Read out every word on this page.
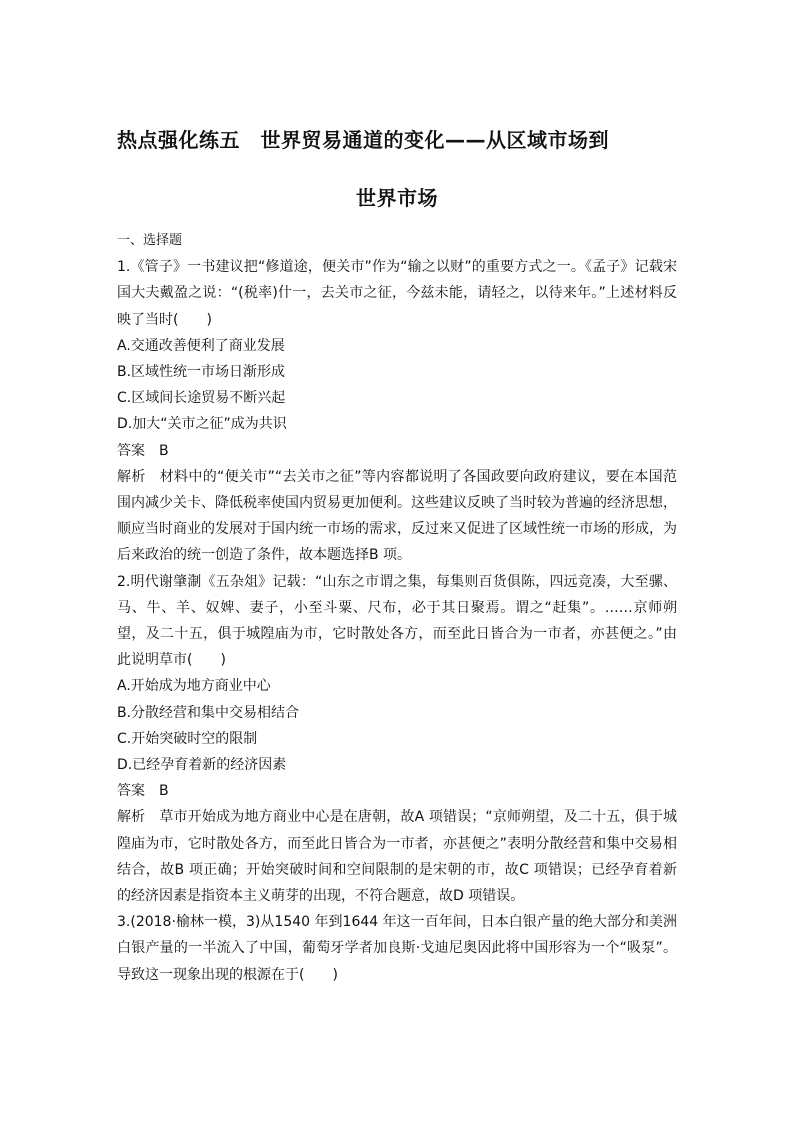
热点强化练五　世界贸易通道的变化——从区域市场到
世界市场

一、选择题

1.《管子》一书建议把“修道途，便关市”作为“输之以财”的重要方式之一。《孟子》记载宋国大夫戴盈之说：“(税率)什一，去关市之征，今兹未能，请轻之，以待来年。”上述材料反映了当时(　　)

A.交通改善便利了商业发展

B.区域性统一市场日渐形成

C.区域间长途贸易不断兴起

D.加大“关市之征”成为共识

答案 B

解析 材料中的“便关市”“去关市之征”等内容都说明了各国政要向政府建议，要在本国范围内减少关卡、降低税率使国内贸易更加便利。这些建议反映了当时较为普遍的经济思想，顺应当时商业的发展对于国内统一市场的需求，反过来又促进了区域性统一市场的形成，为后来政治的统一创造了条件，故本题选择B 项。

2.明代谢肇淛《五杂俎》记载：“山东之市谓之集，每集则百货俱陈，四远竞凑，大至骡、马、牛、羊、奴婢、妻子，小至斗粟、尺布，必于其日聚焉。谓之“赶集”。……京师朔望，及二十五，俱于城隍庙为市，它时散处各方，而至此日皆合为一市者，亦甚便之。”由此说明草市(　　)

A.开始成为地方商业中心

B.分散经营和集中交易相结合

C.开始突破时空的限制

D.已经孕育着新的经济因素

答案 B

解析 草市开始成为地方商业中心是在唐朝，故A 项错误；“京师朔望，及二十五，俱于城隍庙为市，它时散处各方，而至此日皆合为一市者，亦甚便之”表明分散经营和集中交易相结合，故B 项正确；开始突破时间和空间限制的是宋朝的市，故C 项错误；已经孕育着新的经济因素是指资本主义萌芽的出现，不符合题意，故D 项错误。

3.(2018·榆林一模，3)从1540 年到1644 年这一百年间，日本白银产量的绝大部分和美洲白银产量的一半流入了中国，葡萄牙学者加良斯·戈迪尼奥因此将中国形容为一个“吸泵”。导致这一现象出现的根源在于(　　)
